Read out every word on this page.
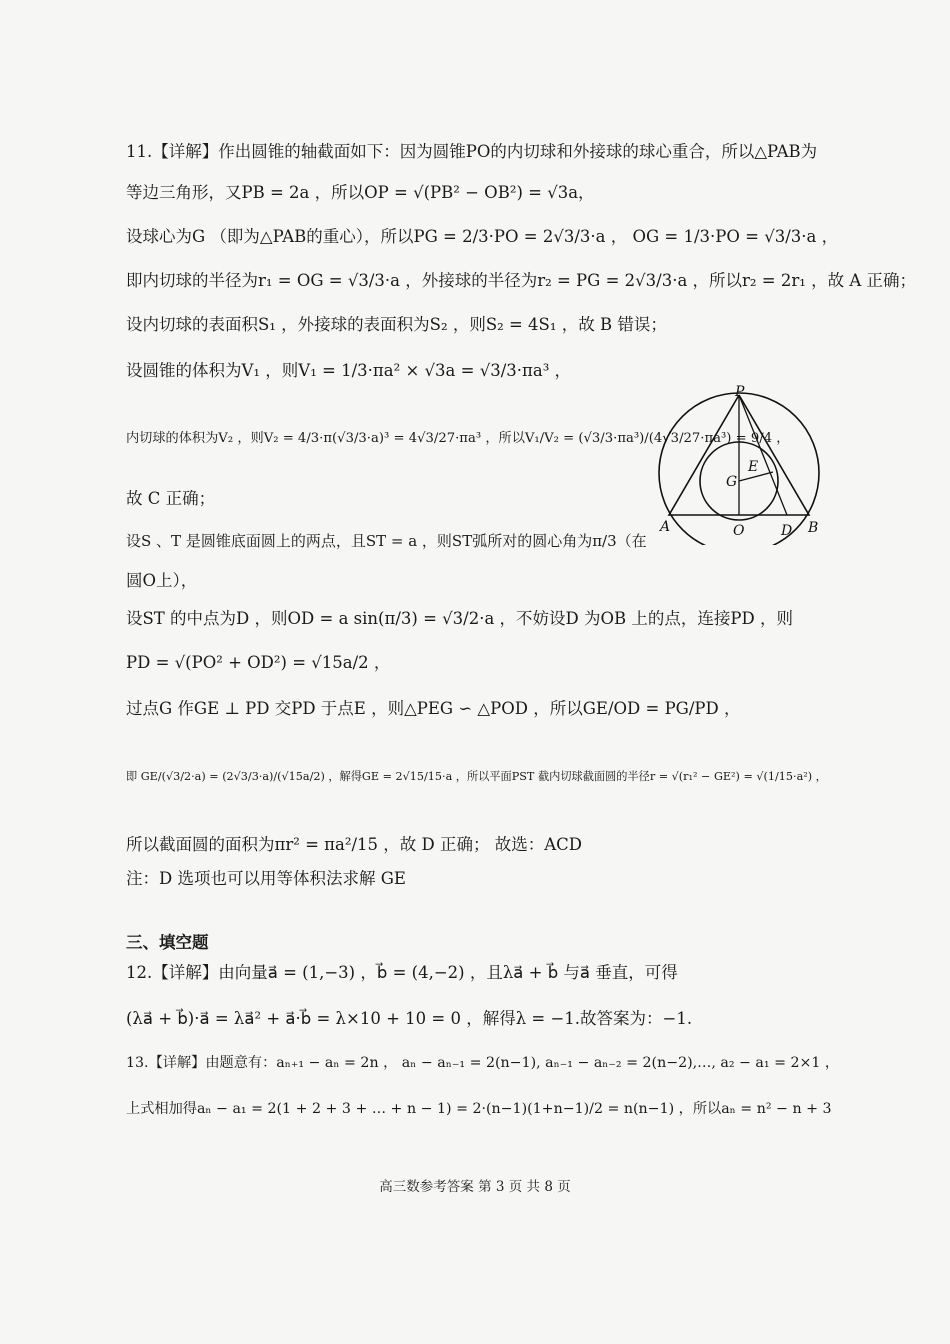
11.【详解】作出圆锥的轴截面如下：因为圆锥PO的内切球和外接球的球心重合，所以△PAB为
等边三角形，又PB = 2a ，所以OP = √(PB² − OB²) = √3a，
设球心为G （即为△PAB的重心），所以PG = 2/3·PO = 2√3/3·a ， OG = 1/3·PO = √3/3·a ，
即内切球的半径为r₁ = OG = √3/3·a ，外接球的半径为r₂ = PG = 2√3/3·a ，所以r₂ = 2r₁ ，故 A 正确；
设内切球的表面积S₁ ，外接球的表面积为S₂ ，则S₂ = 4S₁ ，故 B 错误；
设圆锥的体积为V₁ ，则V₁ = 1/3·πa² × √3a = √3/3·πa³ ，
内切球的体积为V₂ ，则V₂ = 4/3·π(√3/3·a)³ = 4√3/27·πa³ ，所以V₁/V₂ = (√3/3·πa³)/(4√3/27·πa³) = 9/4 ，
故 C 正确；
设S 、T 是圆锥底面圆上的两点，且ST = a ，则ST弧所对的圆心角为π/3（在
圆O上），
设ST 的中点为D ，则OD = a sin(π/3) = √3/2·a ，不妨设D 为OB 上的点，连接PD ，则
PD = √(PO² + OD²) = √15a/2 ，
过点G 作GE ⊥ PD 交PD 于点E ，则△PEG ∽ △POD ，所以GE/OD = PG/PD ，
即 GE/(√3/2·a) = (2√3/3·a)/(√15a/2) ，解得GE = 2√15/15·a ，所以平面PST 截内切球截面圆的半径r = √(r₁² − GE²) = √(1/15·a²) ，
所以截面圆的面积为πr² = πa²/15 ，故 D 正确； 故选：ACD
注：D 选项也可以用等体积法求解 GE
三、填空题
12.【详解】由向量a⃗ = (1,−3) ，b⃗ = (4,−2) ，且λa⃗ + b⃗ 与a⃗ 垂直，可得
(λa⃗ + b⃗)·a⃗ = λa⃗² + a⃗·b⃗ = λ×10 + 10 = 0 ，解得λ = −1.故答案为：−1.
13.【详解】由题意有：aₙ₊₁ − aₙ = 2n ， aₙ − aₙ₋₁ = 2(n−1), aₙ₋₁ − aₙ₋₂ = 2(n−2),…, a₂ − a₁ = 2×1 ，
上式相加得aₙ − a₁ = 2(1 + 2 + 3 + … + n − 1) = 2·(n−1)(1+n−1)/2 = n(n−1) ，所以aₙ = n² − n + 3
P
G
E
A	O	D B
高三数参考答案 第 3 页 共 8 页
